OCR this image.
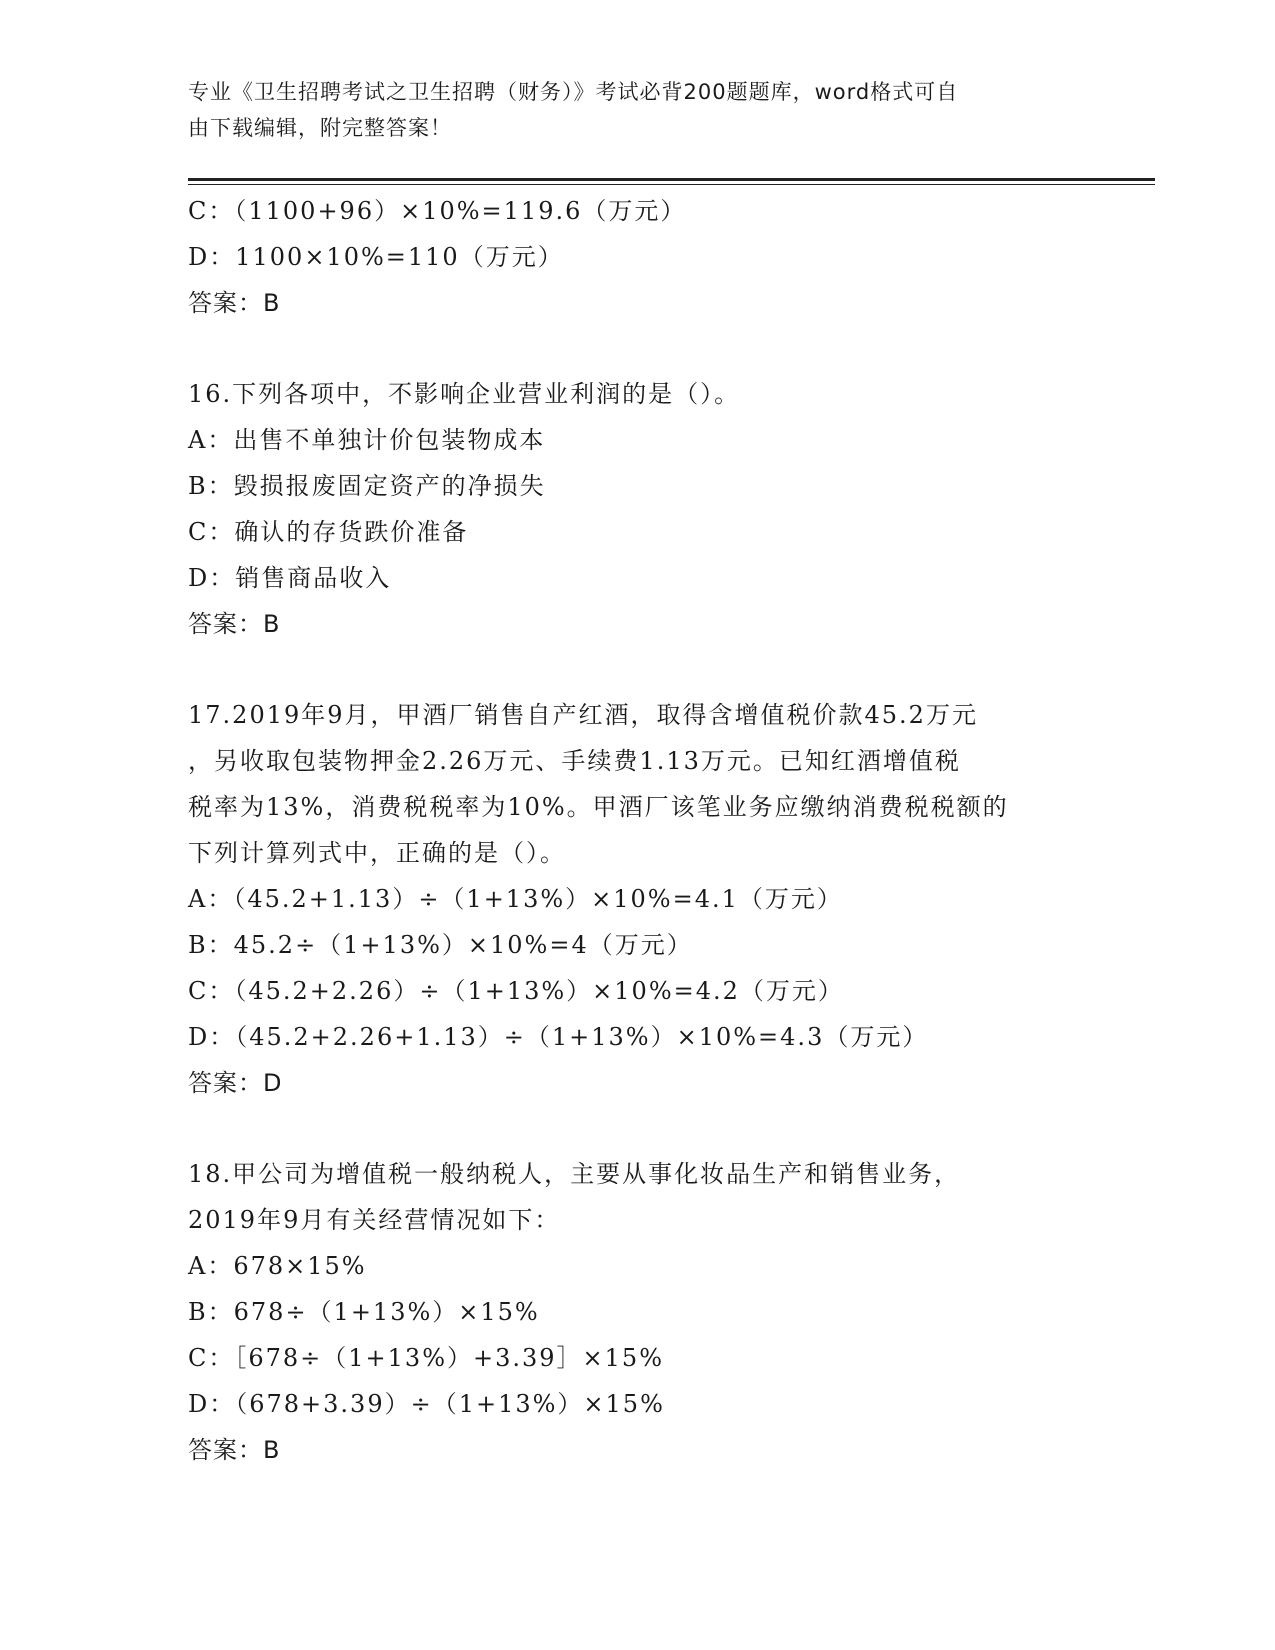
专业《卫生招聘考试之卫生招聘（财务）》考试必背200题题库，word格式可自
由下载编辑，附完整答案！
C：（1100+96）×10%=119.6（万元）
D：1100×10%=110（万元）
答案：B
16.下列各项中，不影响企业营业利润的是（）。
A：出售不单独计价包装物成本
B：毁损报废固定资产的净损失
C：确认的存货跌价准备
D：销售商品收入
答案：B
17.2019年9月，甲酒厂销售自产红酒，取得含增值税价款45.2万元
，另收取包装物押金2.26万元、手续费1.13万元。已知红酒增值税
税率为13%，消费税税率为10%。甲酒厂该笔业务应缴纳消费税税额的
下列计算列式中，正确的是（）。
A：（45.2+1.13）÷（1+13%）×10%=4.1（万元）
B：45.2÷（1+13%）×10%=4（万元）
C：（45.2+2.26）÷（1+13%）×10%=4.2（万元）
D：（45.2+2.26+1.13）÷（1+13%）×10%=4.3（万元）
答案：D
18.甲公司为增值税一般纳税人，主要从事化妆品生产和销售业务，
2019年9月有关经营情况如下：
A：678×15%
B：678÷（1+13%）×15%
C：［678÷（1+13%）+3.39］×15%
D：（678+3.39）÷（1+13%）×15%
答案：B
